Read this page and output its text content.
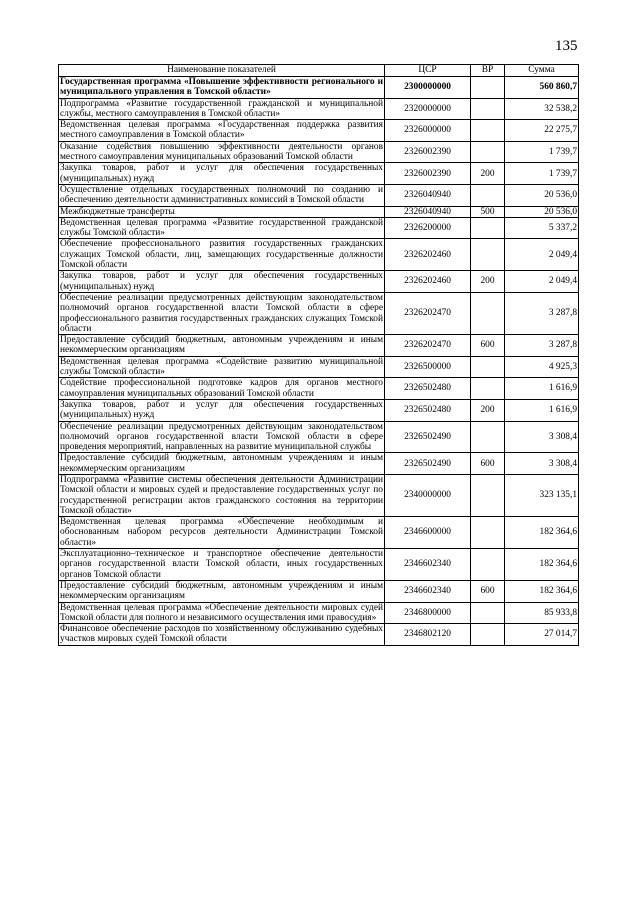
135
Наименование показателей	ЦСР	ВР	Сумма
Государственная программа «Повышение эффективности регионального и муниципального управления в Томской области»	2300000000		560 860,7
Подпрограмма «Развитие государственной гражданской и муниципальной службы, местного самоуправления в Томской области»	2320000000		32 538,2
Ведомственная целевая программа «Государственная поддержка развития местного самоуправления в Томской области»	2326000000		22 275,7
Оказание содействия повышению эффективности деятельности органов местного самоуправления муниципальных образований Томской области	2326002390		1 739,7
Закупка товаров, работ и услуг для обеспечения государственных (муниципальных) нужд	2326002390	200	1 739,7
Осуществление отдельных государственных полномочий по созданию и обеспечению деятельности административных комиссий в Томской области	2326040940		20 536,0
Межбюджетные трансферты	2326040940	500	20 536,0
Ведомственная целевая программа «Развитие государственной гражданской службы Томской области»	2326200000		5 337,2
Обеспечение профессионального развития государственных гражданских служащих Томской области, лиц, замещающих государственные должности Томской области	2326202460		2 049,4
Закупка товаров, работ и услуг для обеспечения государственных (муниципальных) нужд	2326202460	200	2 049,4
Обеспечение реализации предусмотренных действующим законодательством полномочий органов государственной власти Томской области в сфере профессионального развития государственных гражданских служащих Томской области	2326202470		3 287,8
Предоставление субсидий бюджетным, автономным учреждениям и иным некоммерческим организациям	2326202470	600	3 287,8
Ведомственная целевая программа «Содействие развитию муниципальной службы Томской области»	2326500000		4 925,3
Содействие профессиональной подготовке кадров для органов местного самоуправления муниципальных образований Томской области	2326502480		1 616,9
Закупка товаров, работ и услуг для обеспечения государственных (муниципальных) нужд	2326502480	200	1 616,9
Обеспечение реализации предусмотренных действующим законодательством полномочий органов государственной власти Томской области в сфере проведения мероприятий, направленных на развитие муниципальной службы	2326502490		3 308,4
Предоставление субсидий бюджетным, автономным учреждениям и иным некоммерческим организациям	2326502490	600	3 308,4
Подпрограмма «Развитие системы обеспечения деятельности Администрации Томской области и мировых судей и предоставление государственных услуг по государственной регистрации актов гражданского состояния на территории Томской области»	2340000000		323 135,1
Ведомственная целевая программа «Обеспечение необходимым и обоснованным набором ресурсов деятельности Администрации Томской области»	2346600000		182 364,6
Эксплуатационно–техническое и транспортное обеспечение деятельности органов государственной власти Томской области, иных государственных органов Томской области	2346602340		182 364,6
Предоставление субсидий бюджетным, автономным учреждениям и иным некоммерческим организациям	2346602340	600	182 364,6
Ведомственная целевая программа «Обеспечение деятельности мировых судей Томской области для полного и независимого осуществления ими правосудия»	2346800000		85 933,8
Финансовое обеспечение расходов по хозяйственному обслуживанию судебных участков мировых судей Томской области	2346802120		27 014,7
